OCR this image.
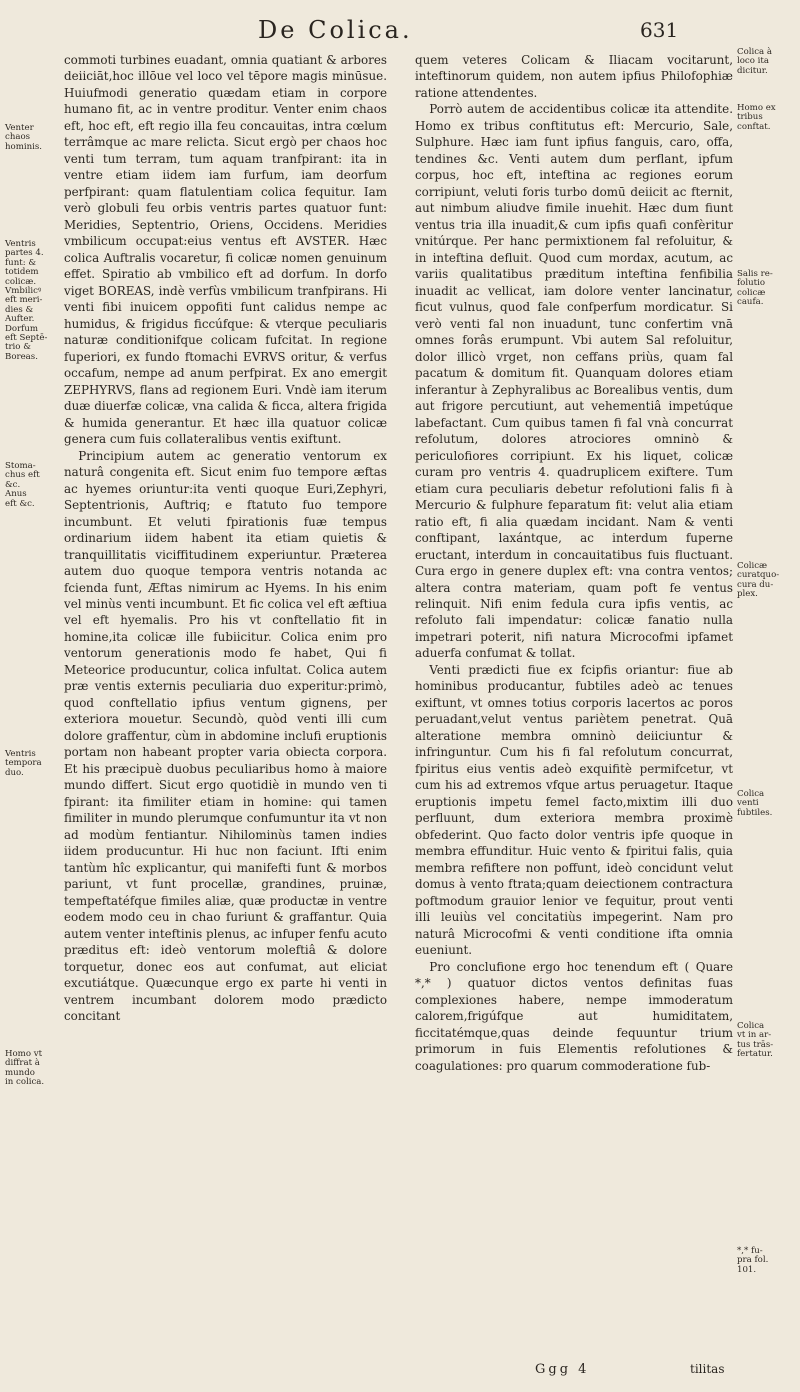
De Colica.	631
Venter
chaos
hominis.
Ventris
partes 4.
funt: &
totidem
colicæ.
Vmbilicꝰ
eft meri-
dies &
Aufter.
Dorfum
eft Septē-
trio &
Boreas.
Stoma-
chus eft
&c.
Anus
eft &c.
Ventris
tempora
duo.
Homo vt
diffrat à
mundo
in colica.

commoti turbines euadant, omnia quatiant & arbores deiiciāt,hoc illōue vel loco vel tēpore magis minūsue. Huiufmodi generatio quædam etiam in corpore humano fit, ac in ventre proditur. Venter enim chaos eft, hoc eft, eft regio illa feu concauitas, intra cœlum terrâmque ac mare relicta. Sicut ergò per chaos hoc venti tum terram, tum aquam tranfpirant: ita in ventre etiam iidem iam furfum, iam deorfum perfpirant: quam flatulentiam colica fequitur. Iam verò globuli feu orbis ventris partes quatuor funt: Meridies, Septentrio, Oriens, Occidens. Meridies vmbilicum occupat:eius ventus eft AVSTER. Hæc colica Auftralis vocaretur, fi colicæ nomen genuinum effet. Spiratio ab vmbilico eft ad dorfum. In dorfo viget BOREAS, indè verfùs vmbilicum tranfpirans. Hi venti fibi inuicem oppofiti funt calidus nempe ac humidus, & frigidus ficcúfque: & vterque peculiaris naturæ conditionifque colicam fufcitat. In regione fuperiori, ex fundo ftomachi EVRVS oritur, & verfus occafum, nempe ad anum perfpirat. Ex ano emergit ZEPHYRVS, flans ad regionem Euri. Vndè iam iterum duæ diuerfæ colicæ, vna calida & ficca, altera frigida & humida generantur. Et hæc illa quatuor colicæ genera cum fuis collateralibus ventis exiftunt.

Principium autem ac generatio ventorum ex naturâ congenita eft. Sicut enim fuo tempore æftas ac hyemes oriuntur:ita venti quoque Euri,Zephyri, Septentrionis, Auftriq; e ftatuto fuo tempore incumbunt. Et veluti fpirationis fuæ tempus ordinarium iidem habent ita etiam quietis & tranquillitatis viciffitudinem experiuntur. Præterea autem duo quoque tempora ventris notanda ac fcienda funt, Æftas nimirum ac Hyems. In his enim vel minùs venti incumbunt. Et fic colica vel eft æftiua vel eft hyemalis. Pro his vt conftellatio fit in homine,ita colicæ ille fubiicitur. Colica enim pro ventorum generationis modo fe habet, Qui fi Meteorice producuntur, colica infultat. Colica autem præ ventis externis peculiaria duo experitur:primò, quod conftellatio ipfius ventum gignens, per exteriora mouetur. Secundò, quòd venti illi cum dolore graffentur, cùm in abdomine inclufi eruptionis portam non habeant propter varia obiecta corpora. Et his præcipuè duobus peculiaribus homo à maiore mundo differt. Sicut ergo quotidiè in mundo ven ti fpirant: ita fimiliter etiam in homine: qui tamen fimiliter in mundo plerumque confumuntur ita vt non ad modùm fentiantur. Nihilominùs tamen indies iidem producuntur. Hi huc non faciunt. Ifti enim tantùm hîc explicantur, qui manifefti funt & morbos pariunt, vt funt procellæ, grandines, pruinæ, tempeftatéfque fimiles aliæ, quæ productæ in ventre eodem modo ceu in chao furiunt & graffantur. Quia autem venter inteftinis plenus, ac infuper fenfu acuto præditus eft: ideò ventorum moleftiâ & dolore torquetur, donec eos aut confumat, aut eliciat excutiátque. Quæcunque ergo ex parte hi venti in ventrem incumbant dolorem modo prædicto concitant

quem veteres Colicam & Iliacam vocitarunt, inteftinorum quidem, non autem ipfius Philofophiæ ratione attendentes.

Porrò autem de accidentibus colicæ ita attendite. Homo ex tribus conftitutus eft: Mercurio, Sale, Sulphure. Hæc iam funt ipfius fanguis, caro, offa, tendines &c. Venti autem dum perflant, ipfum corpus, hoc eft, inteftina ac regiones eorum corripiunt, veluti foris turbo domū deiicit ac fternit, aut nimbum aliudve fimile inuehit. Hæc dum fiunt ventus tria illa inuadit,& cum ipfis quafi confèritur vnitúrque. Per hanc permixtionem fal refoluitur, & in inteftina defluit. Quod cum mordax, acutum, ac variis qualitatibus præditum inteftina fenfibilia inuadit ac vellicat, iam dolore venter lancinatur, ficut vulnus, quod fale confperfum mordicatur. Si verò venti fal non inuadunt, tunc confertim vnā omnes forâs erumpunt. Vbi autem Sal refoluitur, dolor illicò vrget, non ceffans priùs, quam fal pacatum & domitum fit. Quanquam dolores etiam inferantur à Zephyralibus ac Borealibus ventis, dum aut frigore percutiunt, aut vehementiâ impetúque labefactant. Cum quibus tamen fi fal vnà concurrat refolutum, dolores atrociores omninò & periculofiores corripiunt. Ex his liquet, colicæ curam pro ventris 4. quadruplicem exiftere. Tum etiam cura peculiaris debetur refolutioni falis fi à Mercurio & fulphure feparatum fit: velut alia etiam ratio eft, fi alia quædam incidant. Nam & venti conftipant, laxántque, ac interdum fuperne eructant, interdum in concauitatibus fuis fluctuant. Cura ergo in genere duplex eft: vna contra ventos; altera contra materiam, quam poft fe ventus relinquit. Nifi enim fedula cura ipfis ventis, ac refoluto fali impendatur: colicæ fanatio nulla impetrari poterit, nifi natura Microcofmi ipfamet aduerfa confumat & tollat.

Venti prædicti fiue ex fcipfis oriantur: fiue ab hominibus producantur, fubtiles adeò ac tenues exiftunt, vt omnes totius corporis lacertos ac poros peruadant,velut ventus pariètem penetrat. Quā alteratione membra omninò deiiciuntur & infringuntur. Cum his fi fal refolutum concurrat, fpiritus eius ventis adeò exquifitè permifcetur, vt cum his ad extremos vfque artus peruagetur. Itaque eruptionis impetu femel facto,mixtim illi duo perfluunt, dum exteriora membra proximè obfederint. Quo facto dolor ventris ipfe quoque in membra effunditur. Huic vento & fpiritui falis, quia membra refiftere non poffunt, ideò concidunt velut domus à vento ftrata;quam deiectionem contractura poftmodum grauior lenior ve fequitur, prout venti illi leuiùs vel concitatiùs impegerint. Nam pro naturâ Microcofmi & venti conditione ifta omnia eueniunt.

Pro conclufione ergo hoc tenendum eft ( Quare *,* ) quatuor dictos ventos definitas fuas complexiones habere, nempe immoderatum calorem,frigúfque aut humiditatem, ficcitatémque,quas deinde fequuntur trium primorum in fuis Elementis refolutiones & coagulationes: pro quarum commoderatione fub-

Colica à
loco ita
dicitur.
Homo ex
tribus
conftat.
Salis re-
folutio
colicæ
caufa.
Colicæ
curatquo-
cura du-
plex.
Colica
venti
fubtiles.
Colica
vt in ar-
tus trās-
fertatur.
*,* fu-
pra fol.
101.
Ggg 4	tilitas
